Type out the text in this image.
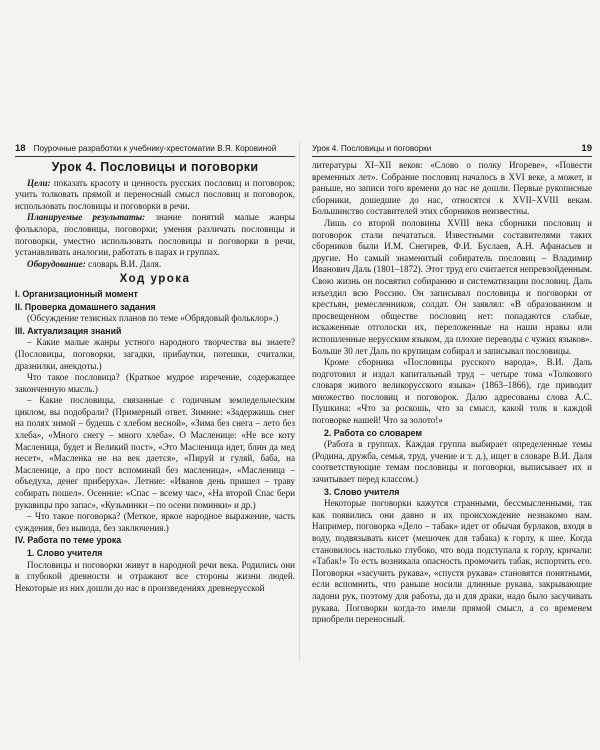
18 Поурочные разработки к учебнику-хрестоматии В.Я. Коровиной
Урок 4. Пословицы и поговорки

Цели: показать красоту и ценность русских пословиц и поговорок; учить толковать прямой и переносный смысл пословиц и поговорок, использовать пословицы и поговорки в речи.

Планируемые результаты: знание понятий малые жанры фольклора, пословицы, поговорки; умения различать пословицы и поговорки, уместно использовать пословицы и поговорки в речи, устанавливать аналогии, работать в парах и группах.

Оборудование: словарь В.И. Даля.

Ход урока
I. Организационный момент
II. Проверка домашнего задания

(Обсуждение тезисных планов по теме «Обрядовый фольклор».)

III. Актуализация знаний

– Какие малые жанры устного народного творчества вы знаете? (Пословицы, поговорки, загадки, прибаутки, потешки, считалки, дразнилки, анекдоты.)

Что такое пословица? (Краткое мудрое изречение, содержащее законченную мысль.)

– Какие пословицы, связанные с годичным земледельческим циклом, вы подобрали? (Примерный ответ. Зимние: «Задержишь снег на полях зимой – будешь с хлебом весной», «Зима без снега – лето без хлеба», «Много снегу – много хлеба». О Масленице: «Не все коту Масленица, будет и Великий пост», «Это Масленица идет, блин да мед несет», «Масленка не на век дается», «Пируй и гуляй, баба, на Масленице, а про пост вспоминай без масленица», «Масленица – объедуха, денег приберуха». Летние: «Иванов день пришел – траву собирать пошел». Осенние: «Спас – всему час», «На второй Спас бери рукавицы про запас», «Кузьминки – по осени поминки» и др.)

– Что такое поговорка? (Меткое, яркое народное выражение, часть суждения, без вывода, без заключения.)

IV. Работа по теме урока
1. Слово учителя

Пословицы и поговорки живут в народной речи века. Родились они в глубокой древности и отражают все стороны жизни людей. Некоторые из них дошли до нас в произведениях древнерусской

Урок 4. Пословицы и поговорки	19

литературы XI–XII веков: «Слово о полку Игореве», «Повести временных лет». Собрание пословиц началось в XVI веке, а может, и раньше, но записи того времени до нас не дошли. Первые рукописные сборники, дошедшие до нас, относятся к XVII–XVIII векам. Большинство составителей этих сборников неизвестны.

Лишь со второй половины XVIII века сборники пословиц и поговорок стали печататься. Известными составителями таких сборников были И.М. Снегирев, Ф.И. Буслаев, А.Н. Афанасьев и другие. Но самый знаменитый собиратель пословиц – Владимир Иванович Даль (1801–1872). Этот труд его считается непревзойденным. Свою жизнь он посвятил собиранию и систематизации пословиц. Даль изъездил всю Россию. Он записывал пословицы и поговорки от крестьян, ремесленников, солдат. Он заявлял: «В образованном и просвещенном обществе пословиц нет: попадаются слабые, искаженные отголоски их, переложенные на наши нравы или испошленные нерусским языком, да плохие переводы с чужих языков». Больше 30 лет Даль по крупицам собирал и записывал пословицы.

Кроме сборника «Пословицы русского народа», В.И. Даль подготовил и издал капитальный труд – четыре тома «Толкового словаря живого великорусского языка» (1863–1866), где приводит множество пословиц и поговорок. Далю адресованы слова А.С. Пушкина: «Что за роскошь, что за смысл, какой толк в каждой поговорке нашей! Что за золото!»

2. Работа со словарем

(Работа в группах. Каждая группа выбирает определенные темы (Родина, дружба, семья, труд, учение и т. д.), ищет в словаре В.И. Даля соответствующие темам пословицы и поговорки, выписывает их и зачитывает перед классом.)

3. Слово учителя

Некоторые поговорки кажутся странными, бессмысленными, так как появились они давно и их происхождение незнакомо нам. Например, поговорка «Дело – табак» идет от обычая бурлаков, входя в воду, подвязывать кисет (мешочек для табака) к горлу, к шее. Когда становилось настолько глубоко, что вода подступала к горлу, кричали: «Табак!» То есть возникала опасность промочить табак, испортить его. Поговорки «засучить рукава», «спустя рукава» становятся понятными, если вспомнить, что раньше носили длинные рукава, закрывающие ладони рук, поэтому для работы, да и для драки, надо было засучивать рукава. Поговорки когда-то имели прямой смысл, а со временем приобрели переносный.
